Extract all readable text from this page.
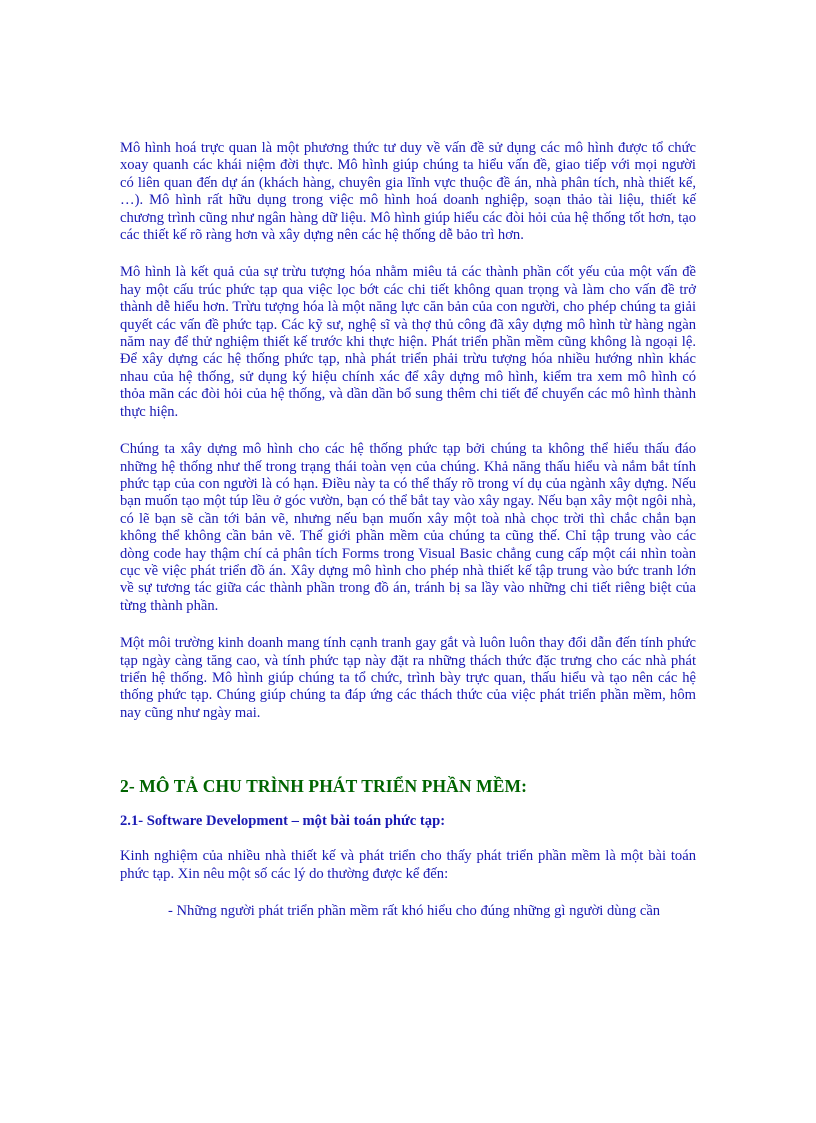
Mô hình hoá trực quan là một phương thức tư duy về vấn đề sử dụng các mô hình được tổ chức xoay quanh các khái niệm đời thực. Mô hình giúp chúng ta hiểu vấn đề, giao tiếp với mọi người có liên quan đến dự án (khách hàng, chuyên gia lĩnh vực thuộc đề án, nhà phân tích, nhà thiết kế, …). Mô hình rất hữu dụng trong việc mô hình hoá doanh nghiệp, soạn thảo tài liệu, thiết kế chương trình cũng như ngân hàng dữ liệu. Mô hình giúp hiểu các đòi hỏi của hệ thống tốt hơn, tạo các thiết kế rõ ràng hơn và xây dựng nên các hệ thống dễ bảo trì hơn.

Mô hình là kết quả của sự trừu tượng hóa nhằm miêu tả các thành phần cốt yếu của một vấn đề hay một cấu trúc phức tạp qua việc lọc bớt các chi tiết không quan trọng và làm cho vấn đề trở thành dễ hiểu hơn. Trừu tượng hóa là một năng lực căn bản của con người, cho phép chúng ta giải quyết các vấn đề phức tạp. Các kỹ sư, nghệ sĩ và thợ thủ công đã xây dựng mô hình từ hàng ngàn năm nay để thử nghiệm thiết kế trước khi thực hiện. Phát triển phần mềm cũng không là ngoại lệ. Để xây dựng các hệ thống phức tạp, nhà phát triển phải trừu tượng hóa nhiều hướng nhìn khác nhau của hệ thống, sử dụng ký hiệu chính xác để xây dựng mô hình, kiểm tra xem mô hình có thỏa mãn các đòi hỏi của hệ thống, và dần dần bổ sung thêm chi tiết để chuyển các mô hình thành thực hiện.

Chúng ta xây dựng mô hình cho các hệ thống phức tạp bởi chúng ta không thể hiểu thấu đáo những hệ thống như thế trong trạng thái toàn vẹn của chúng. Khả năng thấu hiểu và nắm bắt tính phức tạp của con người là có hạn. Điều này ta có thể thấy rõ trong ví dụ của ngành xây dựng. Nếu bạn muốn tạo một túp lều ở góc vườn, bạn có thể bắt tay vào xây ngay. Nếu bạn xây một ngôi nhà, có lẽ bạn sẽ cần tới bản vẽ, nhưng nếu bạn muốn xây một toà nhà chọc trời thì chắc chắn bạn không thể không cần bản vẽ. Thế giới phần mềm của chúng ta cũng thế. Chỉ tập trung vào các dòng code hay thậm chí cả phân tích Forms trong Visual Basic chẳng cung cấp một cái nhìn toàn cục về việc phát triển đồ án. Xây dựng mô hình cho phép nhà thiết kế tập trung vào bức tranh lớn về sự tương tác giữa các thành phần trong đồ án, tránh bị sa lầy vào những chi tiết riêng biệt của từng thành phần.

Một môi trường kinh doanh mang tính cạnh tranh gay gắt và luôn luôn thay đổi dẫn đến tính phức tạp ngày càng tăng cao, và tính phức tạp này đặt ra những thách thức đặc trưng cho các nhà phát triển hệ thống. Mô hình giúp chúng ta tổ chức, trình bày trực quan, thấu hiểu và tạo nên các hệ thống phức tạp. Chúng giúp chúng ta đáp ứng các thách thức của việc phát triển phần mềm, hôm nay cũng như ngày mai.

2- MÔ TẢ CHU TRÌNH PHÁT TRIỂN PHẦN MỀM:
2.1- Software Development – một bài toán phức tạp:

Kinh nghiệm của nhiều nhà thiết kế và phát triển cho thấy phát triển phần mềm là một bài toán phức tạp. Xin nêu một số các lý do thường được kể đến:

- Những người phát triển phần mềm rất khó hiểu cho đúng những gì người dùng cần
